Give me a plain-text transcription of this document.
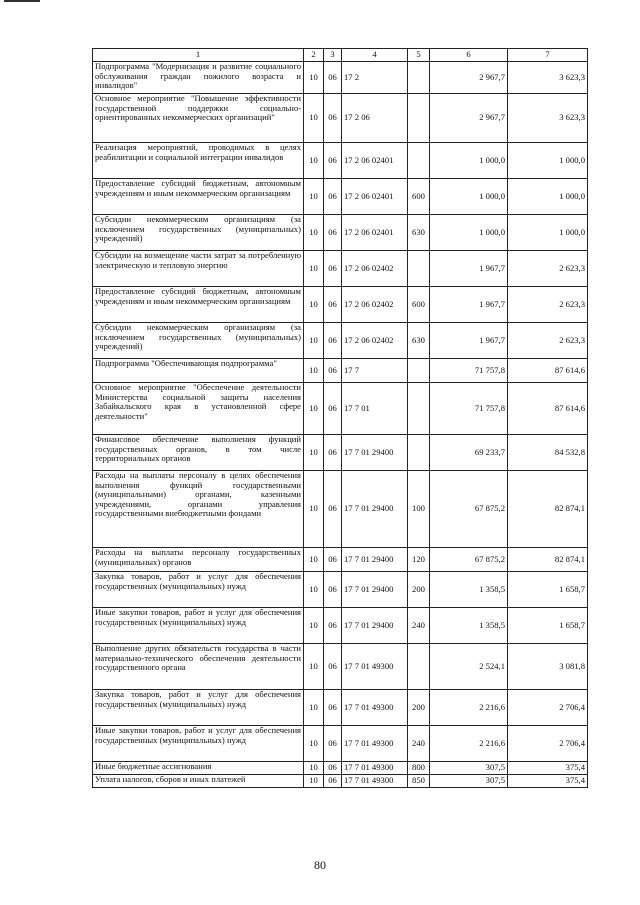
1	2	3	4	5	6	7
Подпрограмма "Модернизация и развитие социального обслуживания граждан пожилого возраста и инвалидов"	10	06	17 2		2 967,7	3 623,3
Основное мероприятие "Повышение эффективности государственной поддержки социально-ориентированных некоммерческих организаций"	10	06	17 2 06		2 967,7	3 623,3
Реализация мероприятий, проводимых в целях реабилитации и социальной интеграции инвалидов	10	06	17 2 06 02401		1 000,0	1 000,0
Предоставление субсидий бюджетным, автономным учреждениям и иным некоммерческим организациям	10	06	17 2 06 02401	600	1 000,0	1 000,0
Субсидии некоммерческим организациям (за исключением государственных (муниципальных) учреждений)	10	06	17 2 06 02401	630	1 000,0	1 000,0
Субсидии на возмещение части затрат за потребленную электрическую и тепловую энергию	10	06	17 2 06 02402		1 967,7	2 623,3
Предоставление субсидий бюджетным, автономным учреждениям и иным некоммерческим организациям	10	06	17 2 06 02402	600	1 967,7	2 623,3
Субсидии некоммерческим организациям (за исключением государственных (муниципальных) учреждений)	10	06	17 2 06 02402	630	1 967,7	2 623,3
Подпрограмма "Обеспечивающая подпрограмма"	10	06	17 7		71 757,8	87 614,6
Основное мероприятие "Обеспечение деятельности Министерства социальной защиты населения Забайкальского края в установленной сфере деятельности"	10	06	17 7 01		71 757,8	87 614,6
Финансовое обеспечение выполнения функций государственных органов, в том числе территориальных органов	10	06	17 7 01 29400		69 233,7	84 532,8
Расходы на выплаты персоналу в целях обеспечения выполнения функций государственными (муниципальными) органами, казенными учреждениями, органами управления государственными внебюджетными фондами	10	06	17 7 01 29400	100	67 875,2	82 874,1
Расходы на выплаты персоналу государственных (муниципальных) органов	10	06	17 7 01 29400	120	67 875,2	82 874,1
Закупка товаров, работ и услуг для обеспечения государственных (муниципальных) нужд	10	06	17 7 01 29400	200	1 358,5	1 658,7
Иные закупки товаров, работ и услуг для обеспечения государственных (муниципальных) нужд	10	06	17 7 01 29400	240	1 358,5	1 658,7
Выполнение других обязательств государства в части материально-технического обеспечения деятельности государственного органа	10	06	17 7 01 49300		2 524,1	3 081,8
Закупка товаров, работ и услуг для обеспечения государственных (муниципальных) нужд	10	06	17 7 01 49300	200	2 216,6	2 706,4
Иные закупки товаров, работ и услуг для обеспечения государственных (муниципальных) нужд	10	06	17 7 01 49300	240	2 216,6	2 706,4
Иные бюджетные ассигнования	10	06	17 7 01 49300	800	307,5	375,4
Уплата налогов, сборов и иных платежей	10	06	17 7 01 49300	850	307,5	375,4
80
